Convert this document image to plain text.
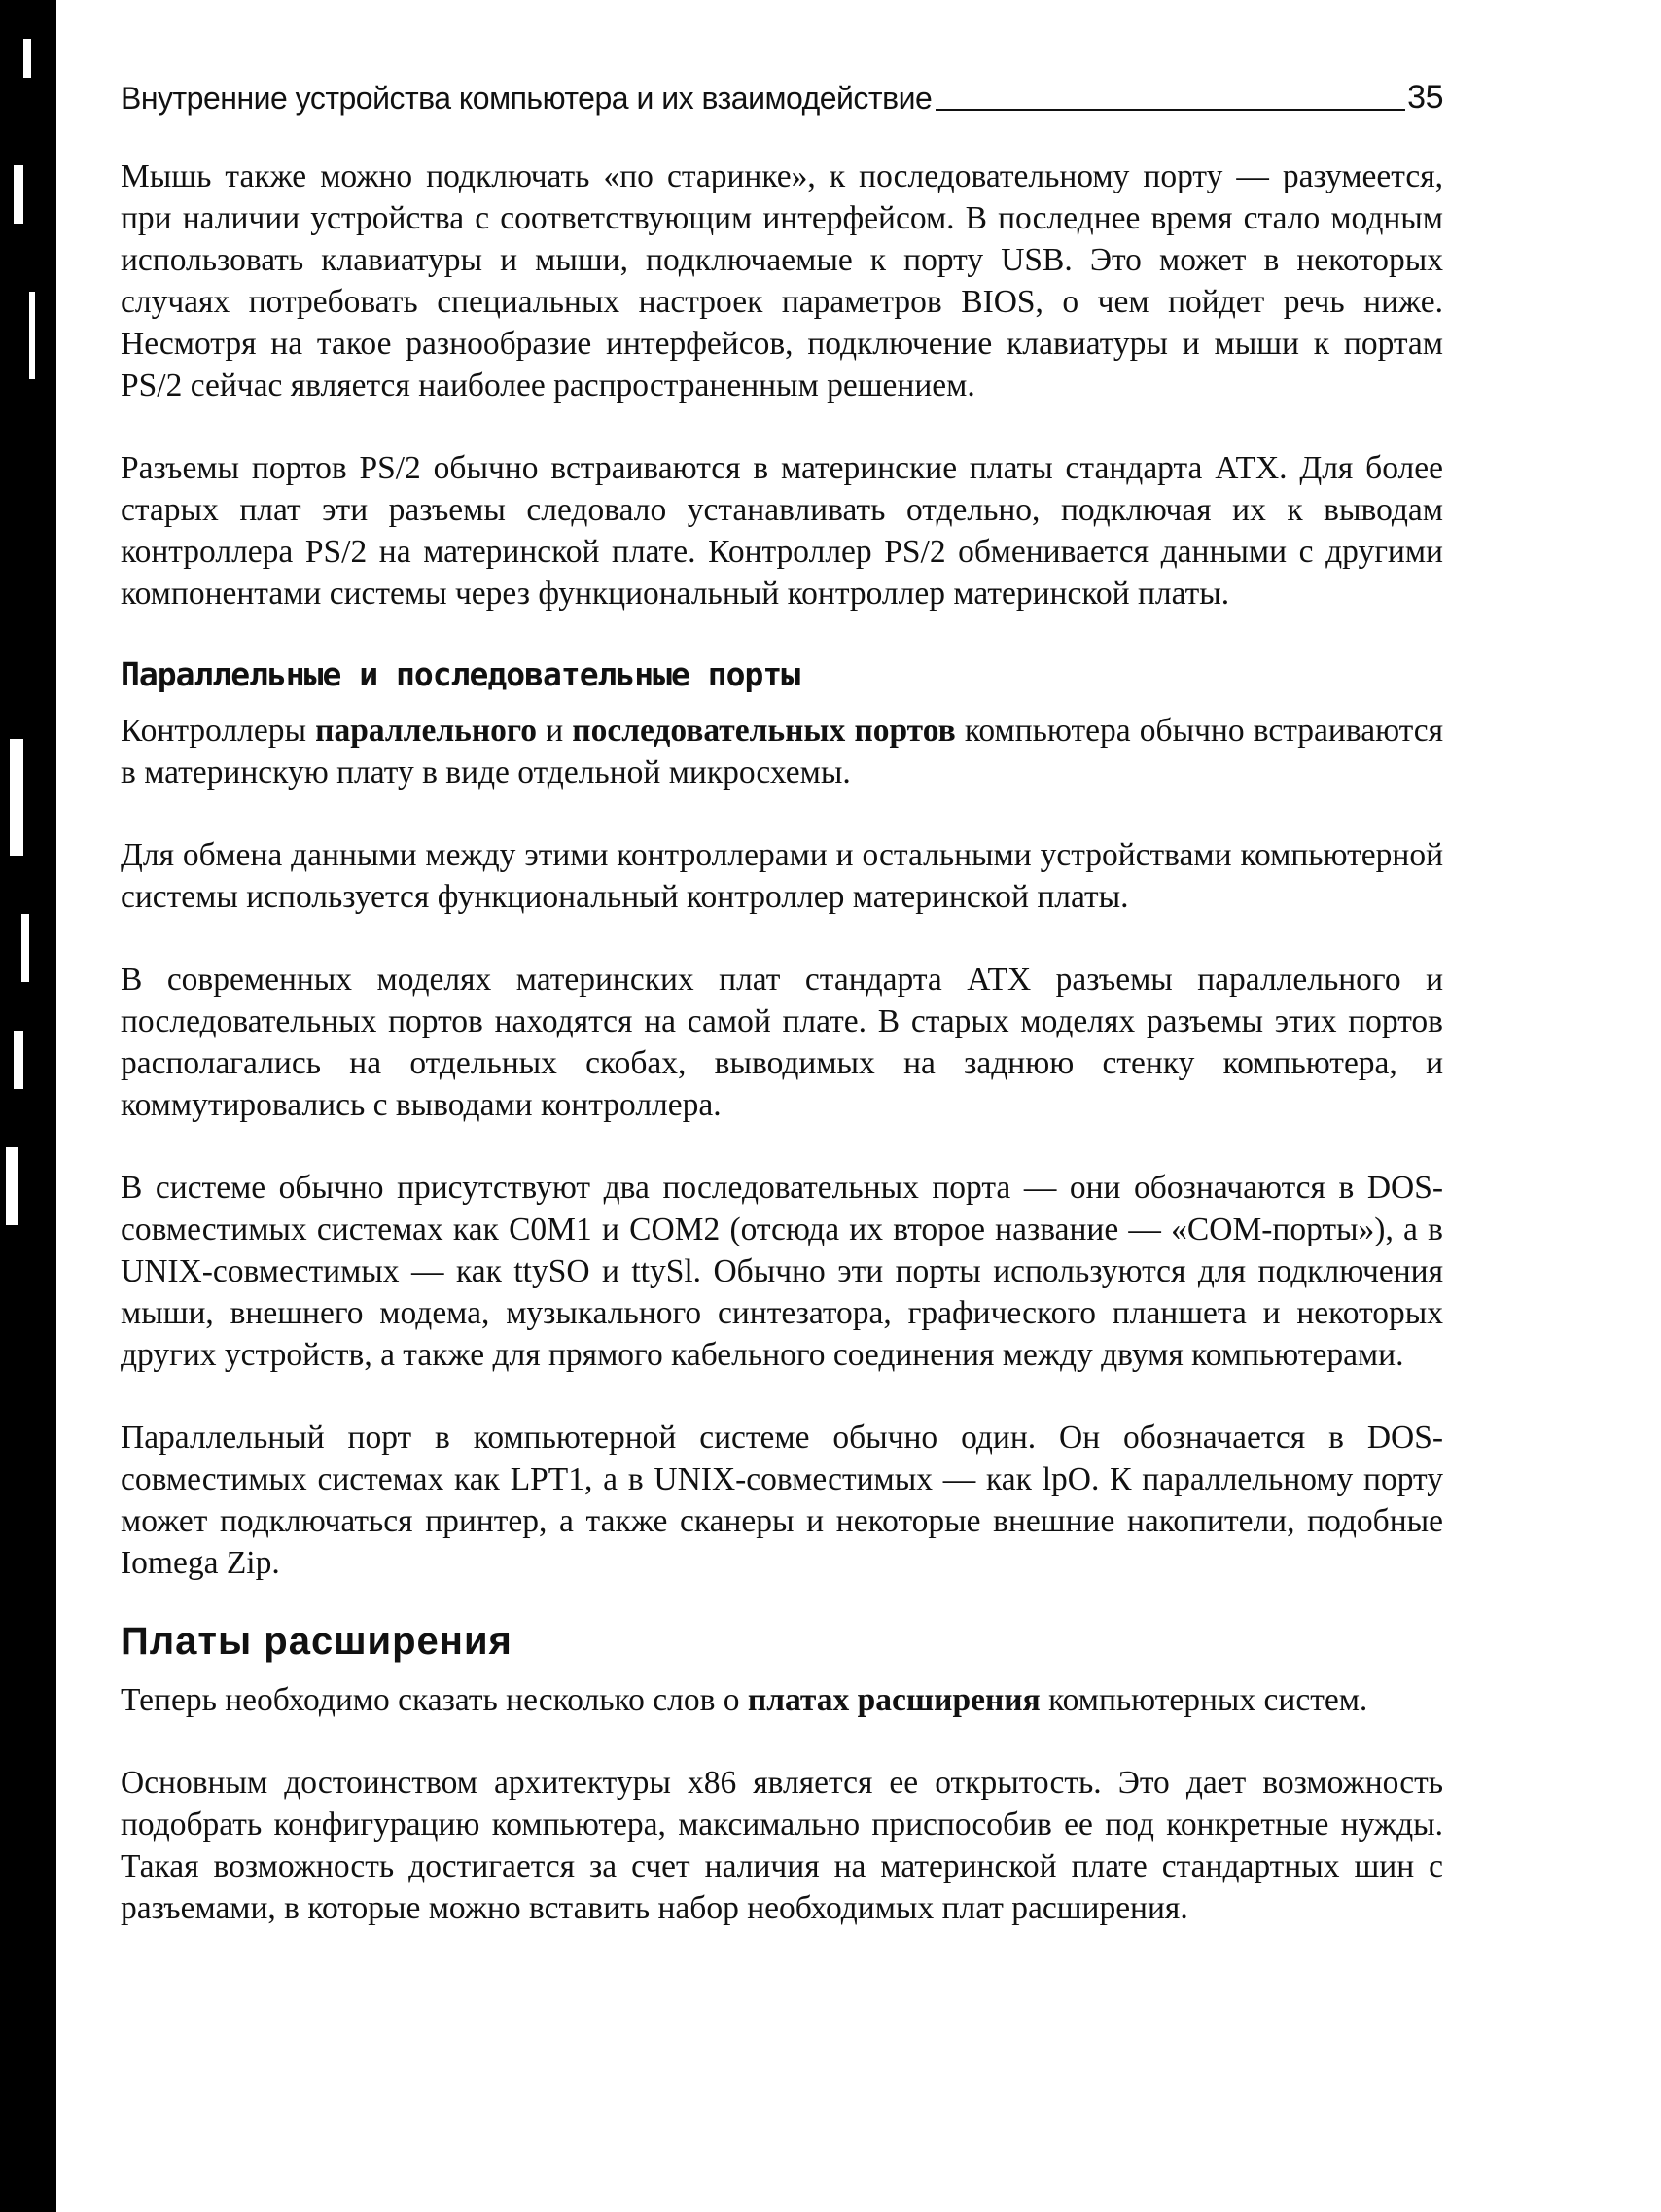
Внутренние устройства компьютера и их взаимодействие	35

Мышь также можно подключать «по старинке», к последовательному порту — разумеется, при наличии устройства с соответствующим интерфейсом. В последнее время стало модным использовать клавиатуры и мыши, подключаемые к порту USB. Это может в некоторых случаях потребовать специальных настроек параметров BIOS, о чем пойдет речь ниже. Несмотря на такое разнообразие интерфейсов, подключение клавиатуры и мыши к портам PS/2 сейчас является наиболее распространенным решением.

Разъемы портов PS/2 обычно встраиваются в материнские платы стандарта АТХ. Для более старых плат эти разъемы следовало устанавливать отдельно, подключая их к выводам контроллера PS/2 на материнской плате. Контроллер PS/2 обменивается данными с другими компонентами системы через функциональный контроллер материнской платы.

Параллельные и последовательные порты

Контроллеры параллельного и последовательных портов компьютера обычно встраиваются в материнскую плату в виде отдельной микросхемы.

Для обмена данными между этими контроллерами и остальными устройствами компьютерной системы используется функциональный контроллер материнской платы.

В современных моделях материнских плат стандарта АТХ разъемы параллельного и последовательных портов находятся на самой плате. В старых моделях разъемы этих портов располагались на отдельных скобах, выводимых на заднюю стенку компьютера, и коммутировались с выводами контроллера.

В системе обычно присутствуют два последовательных порта — они обозначаются в DOS-совместимых системах как С0М1 и COM2 (отсюда их второе название — «СОМ-порты»), а в UNIX-совместимых — как ttySO и ttySl. Обычно эти порты используются для подключения мыши, внешнего модема, музыкального синтезатора, графического планшета и некоторых других устройств, а также для прямого кабельного соединения между двумя компьютерами.

Параллельный порт в компьютерной системе обычно один. Он обозначается в DOS-совместимых системах как LPT1, а в UNIX-совместимых — как lpO. К параллельному порту может подключаться принтер, а также сканеры и некоторые внешние накопители, подобные Iomega Zip.

Платы расширения

Теперь необходимо сказать несколько слов о платах расширения компьютерных систем.

Основным достоинством архитектуры x86 является ее открытость. Это дает возможность подобрать конфигурацию компьютера, максимально приспособив ее под конкретные нужды. Такая возможность достигается за счет наличия на материнской плате стандартных шин с разъемами, в которые можно вставить набор необходимых плат расширения.
